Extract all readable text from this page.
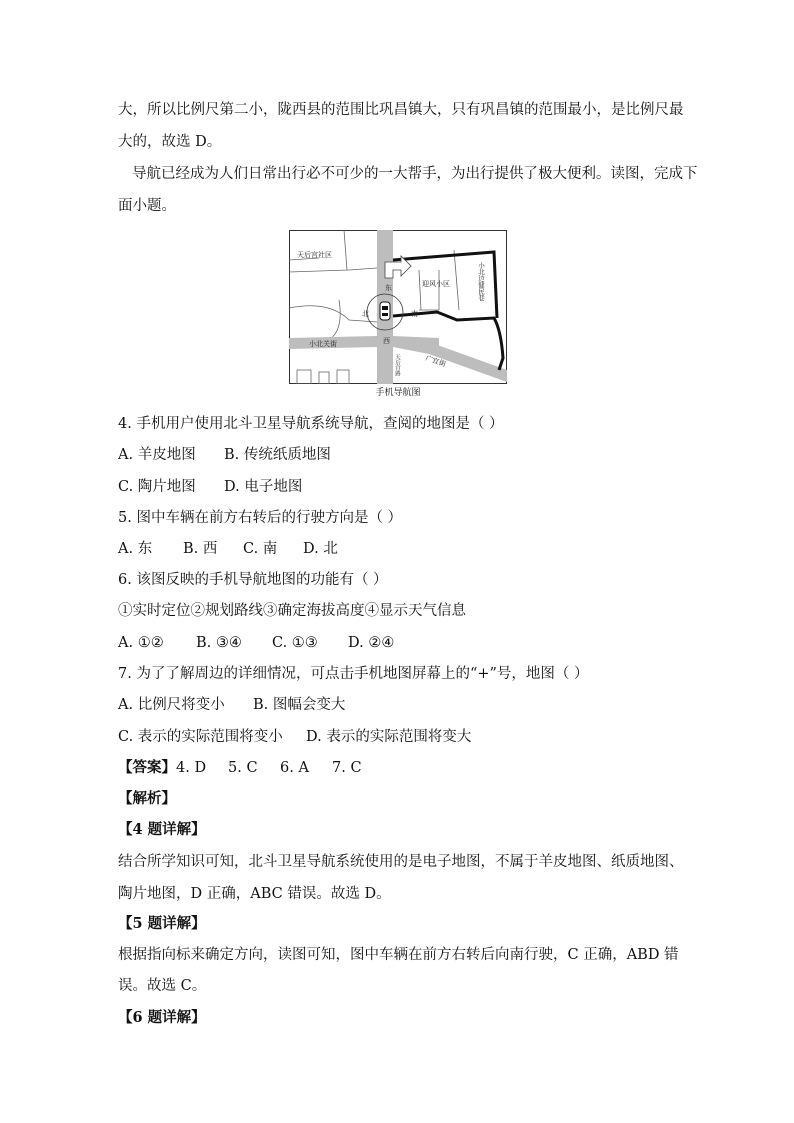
大，所以比例尺第二小，陇西县的范围比巩昌镇大，只有巩昌镇的范围最小，是比例尺最
大的，故选 D。
导航已经成为人们日常出行必不可少的一大帮手，为出行提供了极大便利。读图，完成下
面小题。
天后宫社区
迎风小区
东
北	南
西
小北关街
广宜街
小北边健民巷
天后宫路
手机导航图
4. 手机用户使用北斗卫星导航系统导航，查阅的地图是（ ）
A. 羊皮地图 B. 传统纸质地图
C. 陶片地图 D. 电子地图
5. 图中车辆在前方右转后的行驶方向是（ ）
A. 东 B. 西 C. 南 D. 北
6. 该图反映的手机导航地图的功能有（ ）
①实时定位②规划路线③确定海拔高度④显示天气信息
A. ①② B. ③④ C. ①③ D. ②④
7. 为了了解周边的详细情况，可点击手机地图屏幕上的“+”号，地图（ ）
A. 比例尺将变小 B. 图幅会变大
C. 表示的实际范围将变小 D. 表示的实际范围将变大
【答案】 4. D 5. C 6. A 7. C
【解析】
【4 题详解】
结合所学知识可知，北斗卫星导航系统使用的是电子地图，不属于羊皮地图、纸质地图、
陶片地图，D 正确，ABC 错误。故选 D。
【5 题详解】
根据指向标来确定方向，读图可知，图中车辆在前方右转后向南行驶，C 正确，ABD 错
误。故选 C。
【6 题详解】
